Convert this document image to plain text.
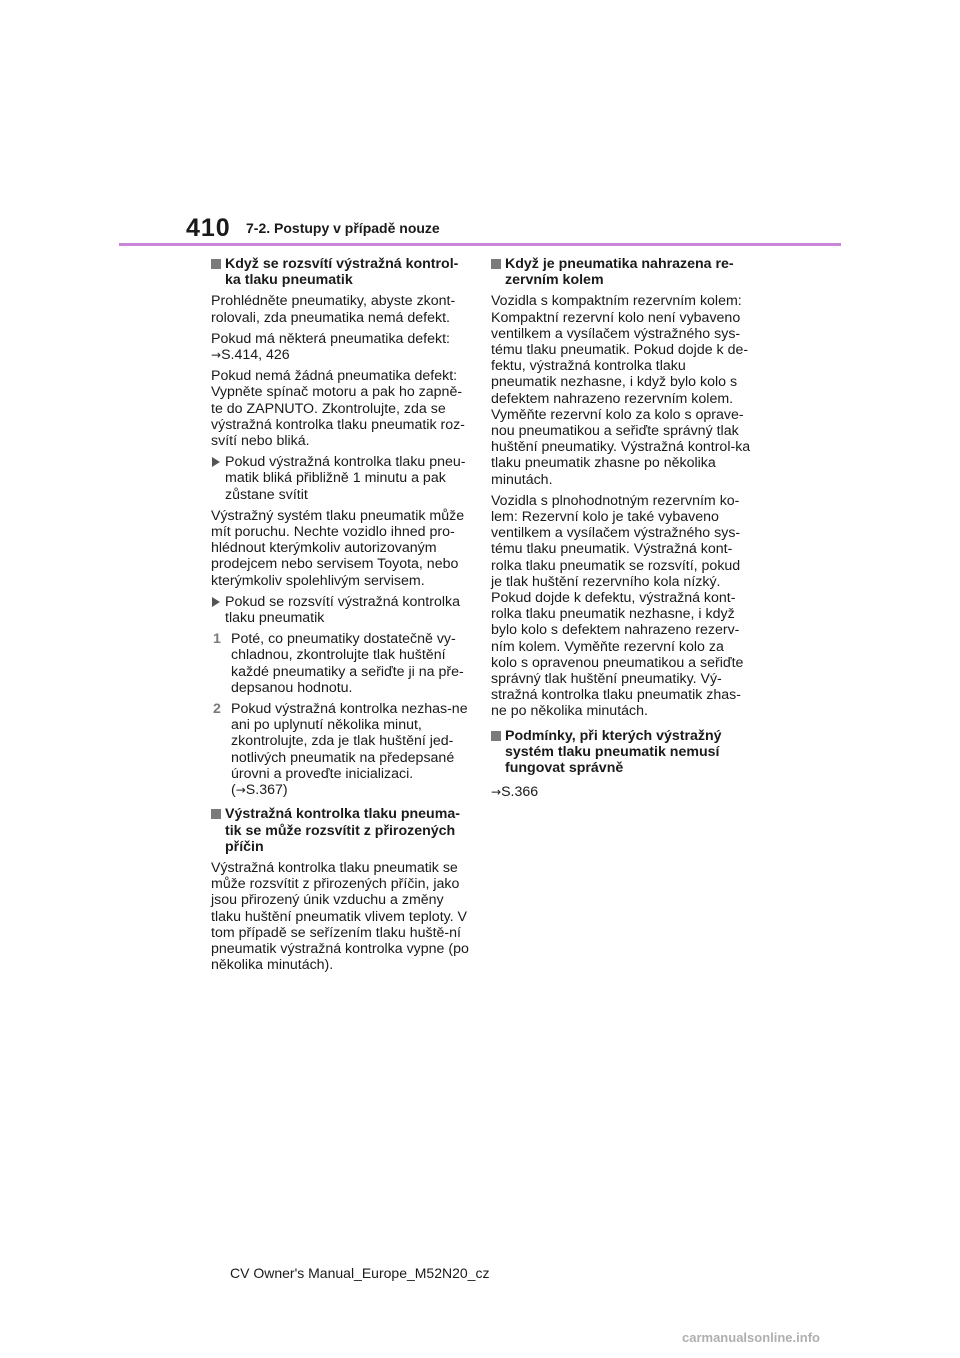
410 7-2. Postupy v případě nouze
Když se rozsvítí výstražná kontrol-ka tlaku pneumatik

Prohlédněte pneumatiky, abyste zkont-rolovali, zda pneumatika nemá defekt.

Pokud má některá pneumatika defekt:
→S.414, 426

Pokud nemá žádná pneumatika defekt: Vypněte spínač motoru a pak ho zapně-te do ZAPNUTO. Zkontrolujte, zda se výstražná kontrolka tlaku pneumatik roz-svítí nebo bliká.

Pokud výstražná kontrolka tlaku pneu-matik bliká přibližně 1 minutu a pak zůstane svítit

Výstražný systém tlaku pneumatik může mít poruchu. Nechte vozidlo ihned pro-hlédnout kterýmkoliv autorizovaným prodejcem nebo servisem Toyota, nebo kterýmkoliv spolehlivým servisem.

Pokud se rozsvítí výstražná kontrolka tlaku pneumatik
1 Poté, co pneumatiky dostatečně vy-chladnou, zkontrolujte tlak huštění každé pneumatiky a seřiďte ji na pře-depsanou hodnotu.
2 Pokud výstražná kontrolka nezhas-ne ani po uplynutí několika minut, zkontrolujte, zda je tlak huštění jed-notlivých pneumatik na předepsané úrovni a proveďte inicializaci.
(→S.367)
Výstražná kontrolka tlaku pneuma-tik se může rozsvítit z přirozených příčin

Výstražná kontrolka tlaku pneumatik se může rozsvítit z přirozených příčin, jako jsou přirozený únik vzduchu a změny tlaku huštění pneumatik vlivem teploty. V tom případě se seřízením tlaku huště-ní pneumatik výstražná kontrolka vypne (po několika minutách).

Když je pneumatika nahrazena re-zervním kolem

Vozidla s kompaktním rezervním kolem: Kompaktní rezervní kolo není vybaveno ventilkem a vysílačem výstražného sys-tému tlaku pneumatik. Pokud dojde k de-fektu, výstražná kontrolka tlaku pneumatik nezhasne, i když bylo kolo s defektem nahrazeno rezervním kolem. Vyměňte rezervní kolo za kolo s oprave-nou pneumatikou a seřiďte správný tlak huštění pneumatiky. Výstražná kontrol-ka tlaku pneumatik zhasne po několika minutách.

Vozidla s plnohodnotným rezervním ko-lem: Rezervní kolo je také vybaveno ventilkem a vysílačem výstražného sys-tému tlaku pneumatik. Výstražná kont-rolka tlaku pneumatik se rozsvítí, pokud je tlak huštění rezervního kola nízký. Pokud dojde k defektu, výstražná kont-rolka tlaku pneumatik nezhasne, i když bylo kolo s defektem nahrazeno rezerv-ním kolem. Vyměňte rezervní kolo za kolo s opravenou pneumatikou a seřiďte správný tlak huštění pneumatiky. Vý-stražná kontrolka tlaku pneumatik zhas-ne po několika minutách.

Podmínky, při kterých výstražný systém tlaku pneumatik nemusí fungovat správně

→S.366

CV Owner's Manual_Europe_M52N20_cz
carmanualsonline.info
